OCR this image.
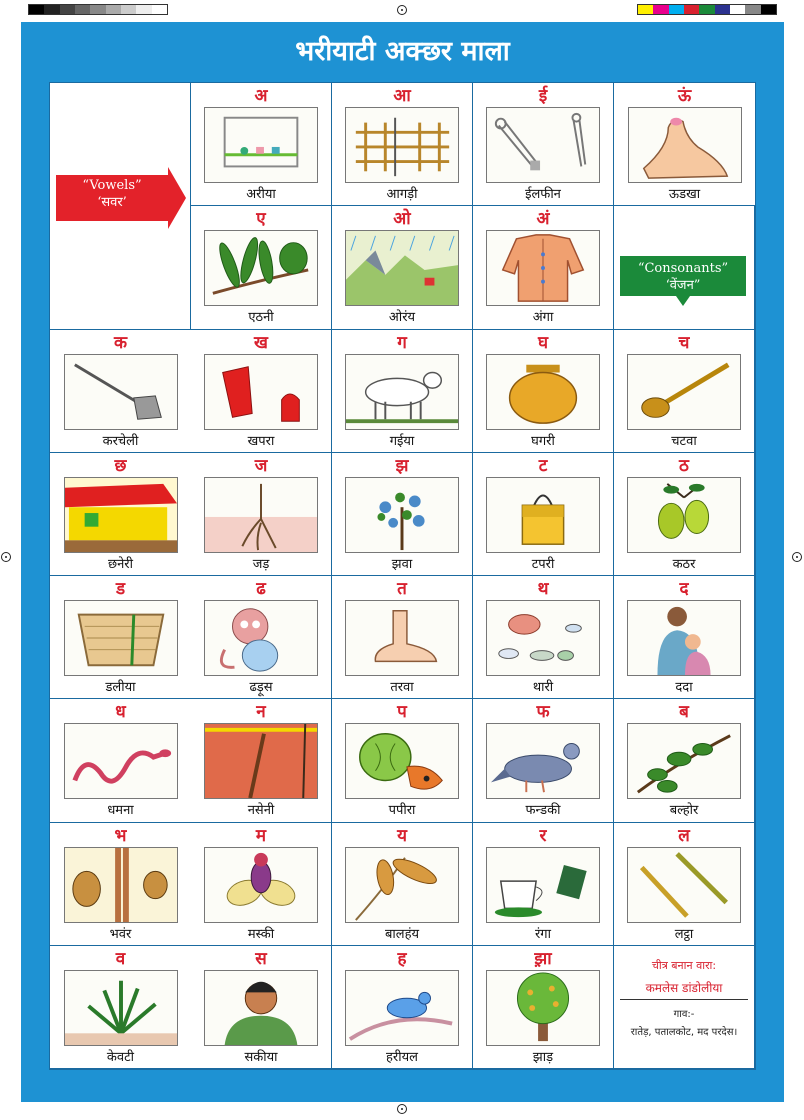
भरीयाटी अक्छर माला
“Vowels”
‘सवर’
अ
अरीया
आ
आगड़ी
ई
ईलफीन
ऊं
ऊडखा
ए
एठनी
ओ
ओरंय
अं
अंगा
“Consonants”
‘वेंजन”
क
करचेली
ख
खपरा
ग
गईया
घ
घगरी
च
चटवा
छ
छनेरी
ज
जड़
झ
झवा
ट
टपरी
ठ
कठर
ड
डलीया
ढ
ढड़ूस
त
तरवा
थ
थारी
द
ददा
ध
धमना
न
नसेनी
प
पपीरा
फ
फन्डकी
ब
बल्होर
भ
भवंर
म
मस्की
य
बालहंय
र
रंगा
ल
लट्ठा
व
केवटी
स
सकीया
ह
हरीयल
झ़ा
झाड़
चीत्र बनान वारा:
कमलेस डांडोलीया
गाव:-
रातेड़, पतालकोट, मद परदेस।
